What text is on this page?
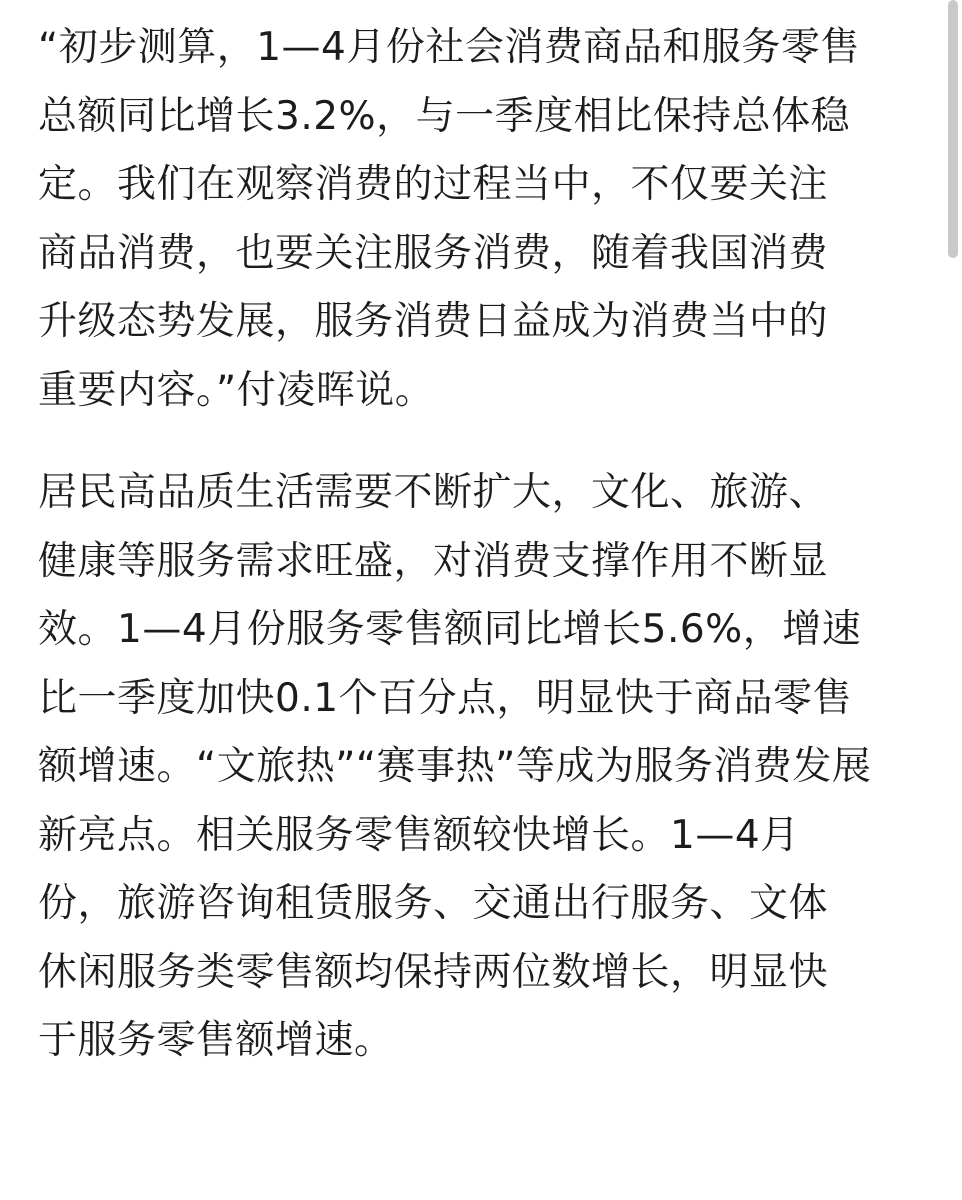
“初步测算，1—4月份社会消费商品和服务零售
总额同比增长3.2%，与一季度相比保持总体稳
定。我们在观察消费的过程当中，不仅要关注
商品消费，也要关注服务消费，随着我国消费
升级态势发展，服务消费日益成为消费当中的
重要内容。”付凌晖说。
居民高品质生活需要不断扩大，文化、旅游、
健康等服务需求旺盛，对消费支撑作用不断显
效。1—4月份服务零售额同比增长5.6%，增速
比一季度加快0.1个百分点，明显快于商品零售
额增速。“文旅热”“赛事热”等成为服务消费发展
新亮点。相关服务零售额较快增长。1—4月
份，旅游咨询租赁服务、交通出行服务、文体
休闲服务类零售额均保持两位数增长，明显快
于服务零售额增速。
